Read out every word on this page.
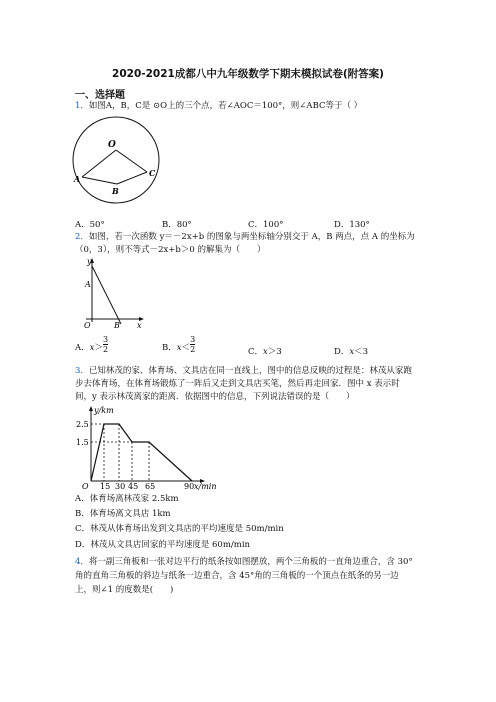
2020-2021成都八中九年级数学下期末模拟试卷(附答案)
一、选择题
1．如图A，B，C是 ⊙O上的三个点，若∠AOC＝100°，则∠ABC等于（ ）
O
A
B
C
A．50°	B．80°	C．100°	D．130°
2．如图，若一次函数 y＝－2x+b 的图象与两坐标轴分别交于 A，B 两点，点 A 的坐标为
（0，3），则不等式－2x+b＞0 的解集为（　　）
y
A
O	B x
A．$x> \frac{3}{2}$	B．$x< \frac{3}{2}$	C．x＞3	D．x＜3
3．已知林茂的家、体育场、文具店在同一直线上，图中的信息反映的过程是：林茂从家跑
步去体育场，在体育场锻炼了一阵后又走到文具店买笔，然后再走回家．图中 x 表示时
间，y 表示林茂离家的距离．依据图中的信息，下列说法错误的是（　　）
y/km
x/min
O
2.5
1.5
15 30 45 65	90
A．体育场离林茂家 2.5km
B．体育场离文具店 1km
C．林茂从体育场出发到文具店的平均速度是 50m/min
D．林茂从文具店回家的平均速度是 60m/min
4．将一副三角板和一张对边平行的纸条按如图摆放，两个三角板的一直角边重合，含 30°
角的直角三角板的斜边与纸条一边重合，含 45°角的三角板的一个顶点在纸条的另一边
上，则∠1 的度数是(　　)
